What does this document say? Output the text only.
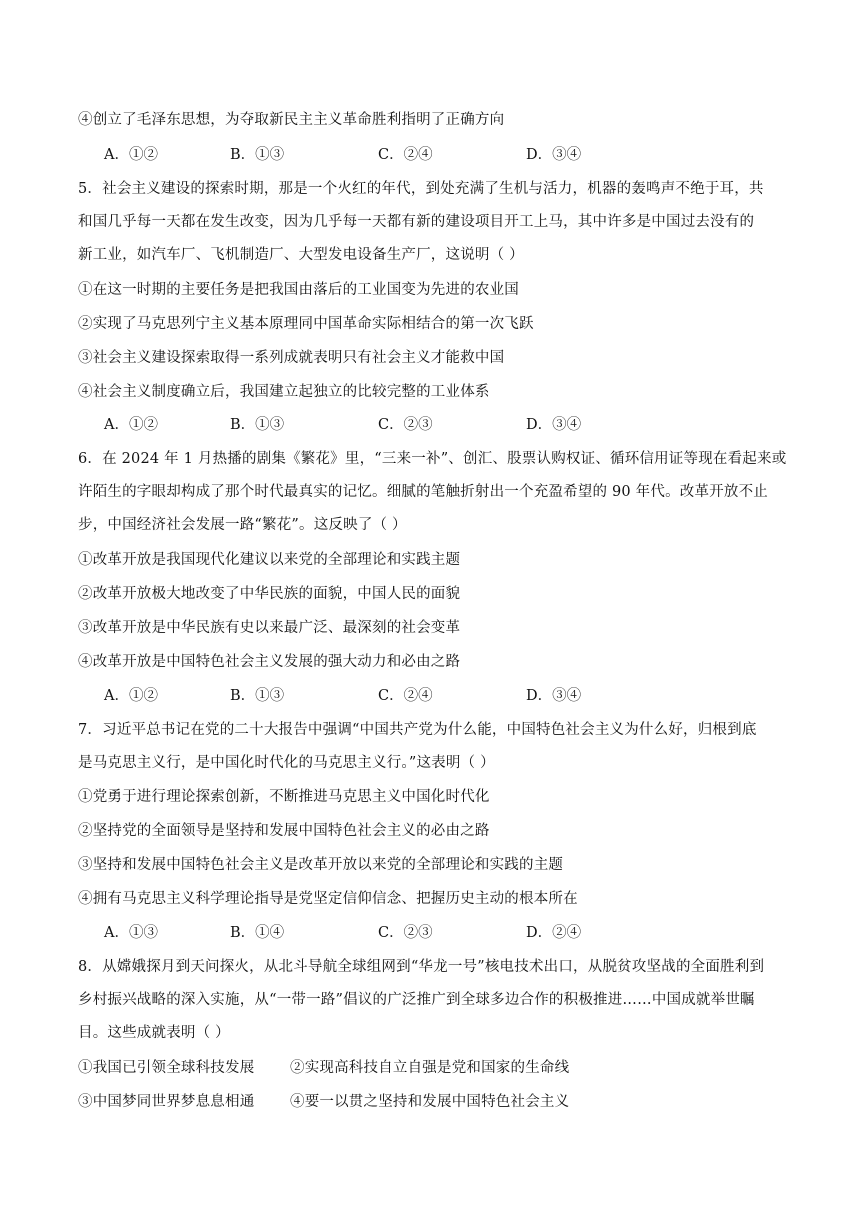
④创立了毛泽东思想，为夺取新民主主义革命胜利指明了正确方向
A．①②	B．①③	C．②④	D．③④
5．社会主义建设的探索时期，那是一个火红的年代，到处充满了生机与活力，机器的轰鸣声不绝于耳，共
和国几乎每一天都在发生改变，因为几乎每一天都有新的建设项目开工上马，其中许多是中国过去没有的
新工业，如汽车厂、飞机制造厂、大型发电设备生产厂，这说明（ ）
①在这一时期的主要任务是把我国由落后的工业国变为先进的农业国
②实现了马克思列宁主义基本原理同中国革命实际相结合的第一次飞跃
③社会主义建设探索取得一系列成就表明只有社会主义才能救中国
④社会主义制度确立后，我国建立起独立的比较完整的工业体系
A．①②	B．①③	C．②③	D．③④
6．在 2024 年 1 月热播的剧集《繁花》里，“三来一补”、创汇、股票认购权证、循环信用证等现在看起来或
许陌生的字眼却构成了那个时代最真实的记忆。细腻的笔触折射出一个充盈希望的 90 年代。改革开放不止
步，中国经济社会发展一路“繁花”。这反映了（ ）
①改革开放是我国现代化建议以来党的全部理论和实践主题
②改革开放极大地改变了中华民族的面貌，中国人民的面貌
③改革开放是中华民族有史以来最广泛、最深刻的社会变革
④改革开放是中国特色社会主义发展的强大动力和必由之路
A．①②	B．①③	C．②④	D．③④
7．习近平总书记在党的二十大报告中强调“中国共产党为什么能，中国特色社会主义为什么好，归根到底
是马克思主义行，是中国化时代化的马克思主义行。”这表明（ ）
①党勇于进行理论探索创新，不断推进马克思主义中国化时代化
②坚持党的全面领导是坚持和发展中国特色社会主义的必由之路
③坚持和发展中国特色社会主义是改革开放以来党的全部理论和实践的主题
④拥有马克思主义科学理论指导是党坚定信仰信念、把握历史主动的根本所在
A．①③	B．①④	C．②③	D．②④
8．从嫦娥探月到天问探火，从北斗导航全球组网到“华龙一号”核电技术出口，从脱贫攻坚战的全面胜利到
乡村振兴战略的深入实施，从“一带一路”倡议的广泛推广到全球多边合作的积极推进……中国成就举世瞩
目。这些成就表明（ ）
①我国已引领全球科技发展 ②实现高科技自立自强是党和国家的生命线
③中国梦同世界梦息息相通 ④要一以贯之坚持和发展中国特色社会主义
